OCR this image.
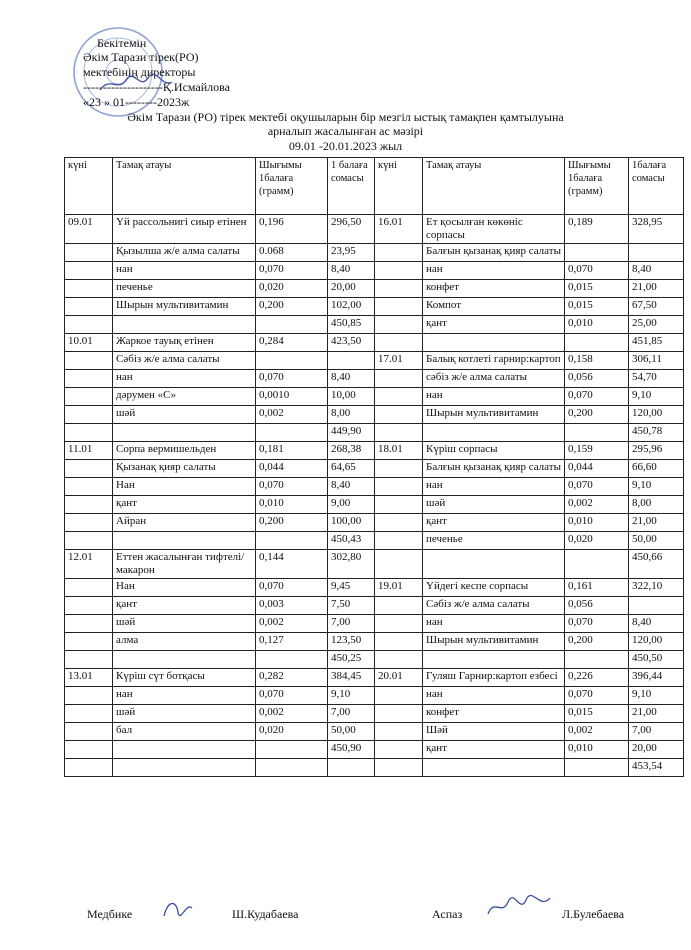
Бекітемін
Әкім Тарази тірек(РО)
мектебінің директоры
--------------------Қ.Исмайлова
«23 » 01--------2023ж
Әкім Тарази (РО) тірек мектебі оқушыларын бір мезгіл ыстық тамақпен қамтылуына
арналып жасалынған ас мәзірі
09.01 -20.01.2023 жыл
күні	Тамақ атауы	Шығымы 1балаға (грамм)	1 балаға сомасы	күні	Тамақ атауы	Шығымы 1балаға (грамм)	1балаға сомасы
09.01	Үй рассольнигі сиыр етінен	0,196	296,50	16.01	Ет қосылған көкөніс сорпасы	0,189	328,95
	Қызылша ж/е алма салаты	0.068	23,95		Балғын қызанақ қияр салаты		
	нан	0,070	8,40		нан	0,070	8,40
	печенье	0,020	20,00		конфет	0,015	21,00
	Шырын мультивитамин	0,200	102,00		Компот	0,015	67,50
			450,85		қант	0,010	25,00
10.01	Жаркое тауық етінен	0,284	423,50				451,85
	Сәбіз ж/е алма салаты			17.01	Балық котлеті гарнир:картоп	0,158	306,11
	нан	0,070	8,40		сәбіз ж/е алма салаты	0,056	54,70
	дәрумен «С»	0,0010	10,00		нан	0,070	9,10
	шәй	0,002	8,00		Шырын мультивитамин	0,200	120,00
			449,90				450,78
11.01	Сорпа вермишельден	0,181	268,38	18.01	Күріш сорпасы	0,159	295,96
	Қызанақ қияр салаты	0,044	64,65		Балғын қызанақ қияр салаты	0,044	66,60
	Нан	0,070	8,40		нан	0,070	9,10
	қант	0,010	9,00		шәй	0,002	8,00
	Айран	0,200	100,00		қант	0,010	21,00
			450,43		печенье	0,020	50,00
12.01	Еттен жасалынған тифтелі/макарон	0,144	302,80				450,66
	Нан	0,070	9,45	19.01	Үйдегі кеспе сорпасы	0,161	322,10
	қант	0,003	7,50		Сәбіз ж/е алма салаты	0,056	
	шәй	0,002	7,00		нан	0,070	8,40
	алма	0,127	123,50		Шырын мультивитамин	0,200	120,00
			450,25				450,50
13.01	Күріш сүт ботқасы	0,282	384,45	20.01	Гуляш Гарнир:картоп езбесі	0,226	396,44
	нан	0,070	9,10		нан	0,070	9,10
	шәй	0,002	7,00		конфет	0,015	21,00
	бал	0,020	50,00		Шәй	0,002	7,00
			450,90		қант	0,010	20,00
							453,54
Медбике	Ш.Кудабаева	Аспаз	Л.Булебаева
